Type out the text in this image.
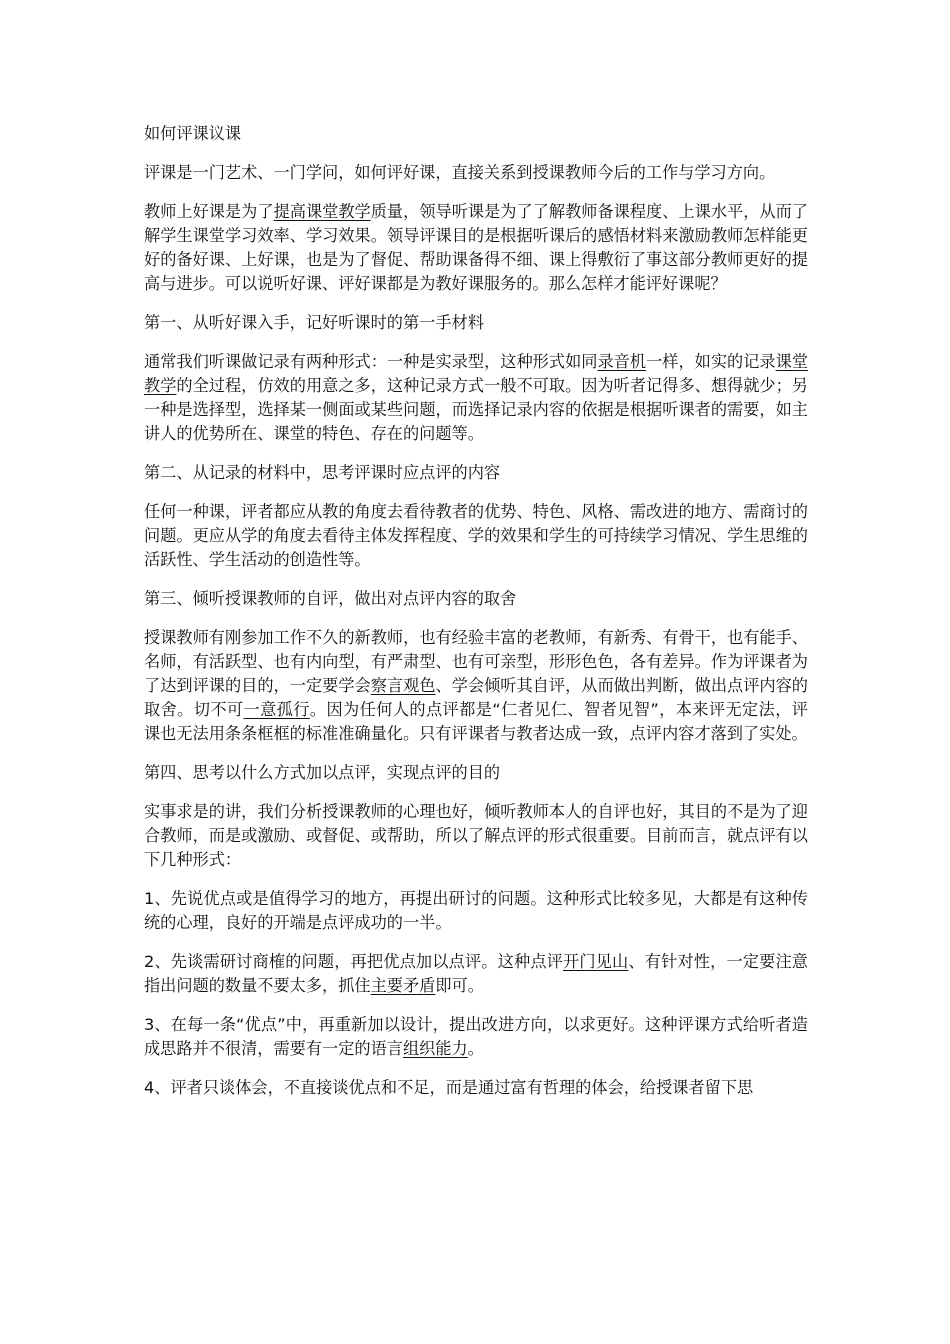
如何评课议课

评课是一门艺术、一门学问，如何评好课，直接关系到授课教师今后的工作与学习方向。

教师上好课是为了提高课堂教学质量，领导听课是为了了解教师备课程度、上课水平，从而了解学生课堂学习效率、学习效果。领导评课目的是根据听课后的感悟材料来激励教师怎样能更好的备好课、上好课，也是为了督促、帮助课备得不细、课上得敷衍了事这部分教师更好的提高与进步。可以说听好课、评好课都是为教好课服务的。那么怎样才能评好课呢？

第一、从听好课入手，记好听课时的第一手材料

通常我们听课做记录有两种形式：一种是实录型，这种形式如同录音机一样，如实的记录课堂教学的全过程，仿效的用意之多，这种记录方式一般不可取。因为听者记得多、想得就少；另一种是选择型，选择某一侧面或某些问题，而选择记录内容的依据是根据听课者的需要，如主讲人的优势所在、课堂的特色、存在的问题等。

第二、从记录的材料中，思考评课时应点评的内容

任何一种课，评者都应从教的角度去看待教者的优势、特色、风格、需改进的地方、需商讨的问题。更应从学的角度去看待主体发挥程度、学的效果和学生的可持续学习情况、学生思维的活跃性、学生活动的创造性等。

第三、倾听授课教师的自评，做出对点评内容的取舍

授课教师有刚参加工作不久的新教师，也有经验丰富的老教师，有新秀、有骨干，也有能手、名师，有活跃型、也有内向型，有严肃型、也有可亲型，形形色色，各有差异。作为评课者为了达到评课的目的，一定要学会察言观色、学会倾听其自评，从而做出判断，做出点评内容的取舍。切不可一意孤行。因为任何人的点评都是“仁者见仁、智者见智”，本来评无定法，评课也无法用条条框框的标准准确量化。只有评课者与教者达成一致，点评内容才落到了实处。

第四、思考以什么方式加以点评，实现点评的目的

实事求是的讲，我们分析授课教师的心理也好，倾听教师本人的自评也好，其目的不是为了迎合教师，而是或激励、或督促、或帮助，所以了解点评的形式很重要。目前而言，就点评有以下几种形式：

1、先说优点或是值得学习的地方，再提出研讨的问题。这种形式比较多见，大都是有这种传统的心理，良好的开端是点评成功的一半。

2、先谈需研讨商榷的问题，再把优点加以点评。这种点评开门见山、有针对性，一定要注意指出问题的数量不要太多，抓住主要矛盾即可。

3、在每一条“优点”中，再重新加以设计，提出改进方向，以求更好。这种评课方式给听者造成思路并不很清，需要有一定的语言组织能力。

4、评者只谈体会，不直接谈优点和不足，而是通过富有哲理的体会，给授课者留下思
